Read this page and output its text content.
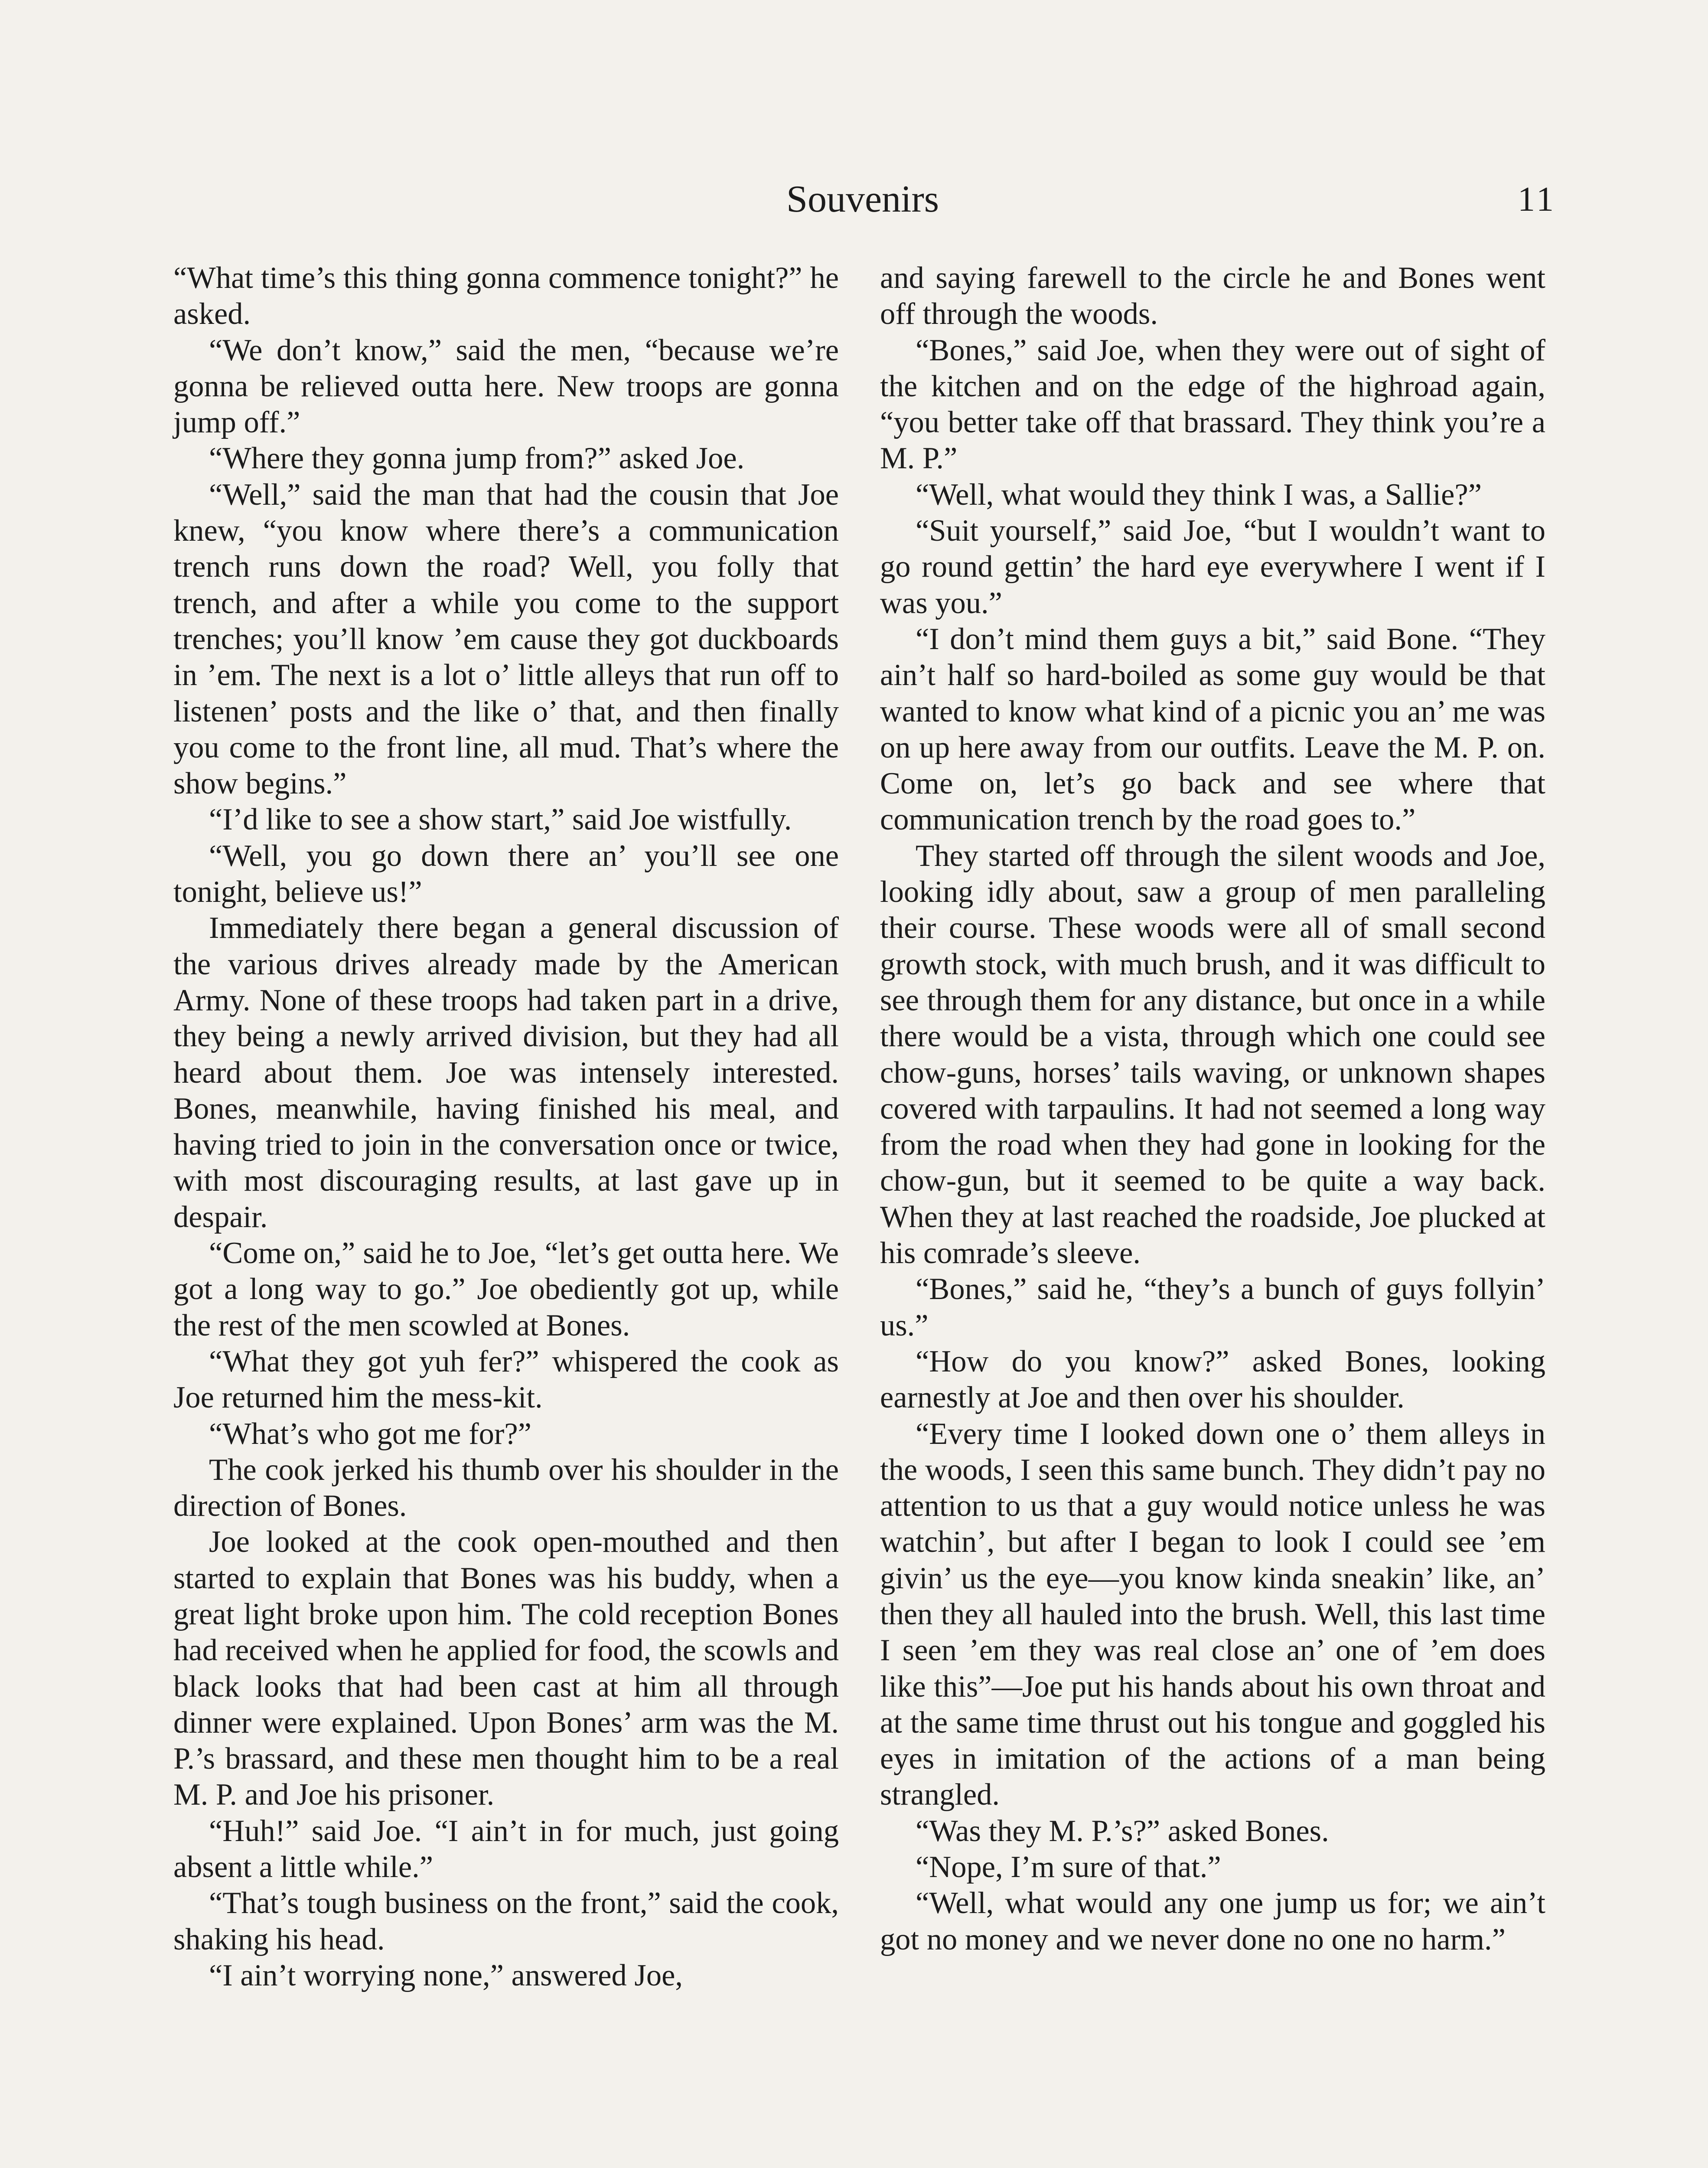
Souvenirs	11

“What time’s this thing gonna commence tonight?” he asked.

“We don’t know,” said the men, “because we’re gonna be relieved outta here. New troops are gonna jump off.”

“Where they gonna jump from?” asked Joe.

“Well,” said the man that had the cousin that Joe knew, “you know where there’s a communication trench runs down the road? Well, you folly that trench, and after a while you come to the support trenches; you’ll know ’em cause they got duckboards in ’em. The next is a lot o’ little alleys that run off to listenen’ posts and the like o’ that, and then finally you come to the front line, all mud. That’s where the show begins.”

“I’d like to see a show start,” said Joe wistfully.

“Well, you go down there an’ you’ll see one tonight, believe us!”

Immediately there began a general discussion of the various drives already made by the American Army. None of these troops had taken part in a drive, they being a newly arrived division, but they had all heard about them. Joe was intensely interested. Bones, meanwhile, having finished his meal, and having tried to join in the conversation once or twice, with most discouraging results, at last gave up in despair.

“Come on,” said he to Joe, “let’s get outta here. We got a long way to go.” Joe obediently got up, while the rest of the men scowled at Bones.

“What they got yuh fer?” whispered the cook as Joe returned him the mess-kit.

“What’s who got me for?”

The cook jerked his thumb over his shoulder in the direction of Bones.

Joe looked at the cook open-mouthed and then started to explain that Bones was his buddy, when a great light broke upon him. The cold reception Bones had received when he applied for food, the scowls and black looks that had been cast at him all through dinner were explained. Upon Bones’ arm was the M. P.’s brassard, and these men thought him to be a real M. P. and Joe his prisoner.

“Huh!” said Joe. “I ain’t in for much, just going absent a little while.”

“That’s tough business on the front,” said the cook, shaking his head.

“I ain’t worrying none,” answered Joe,

and saying farewell to the circle he and Bones went off through the woods.

“Bones,” said Joe, when they were out of sight of the kitchen and on the edge of the highroad again, “you better take off that brassard. They think you’re a M. P.”

“Well, what would they think I was, a Sallie?”

“Suit yourself,” said Joe, “but I wouldn’t want to go round gettin’ the hard eye everywhere I went if I was you.”

“I don’t mind them guys a bit,” said Bone. “They ain’t half so hard-boiled as some guy would be that wanted to know what kind of a picnic you an’ me was on up here away from our outfits. Leave the M. P. on. Come on, let’s go back and see where that communication trench by the road goes to.”

They started off through the silent woods and Joe, looking idly about, saw a group of men paralleling their course. These woods were all of small second growth stock, with much brush, and it was difficult to see through them for any distance, but once in a while there would be a vista, through which one could see chow-guns, horses’ tails waving, or unknown shapes covered with tarpaulins. It had not seemed a long way from the road when they had gone in looking for the chow-gun, but it seemed to be quite a way back. When they at last reached the roadside, Joe plucked at his comrade’s sleeve.

“Bones,” said he, “they’s a bunch of guys follyin’ us.”

“How do you know?” asked Bones, looking earnestly at Joe and then over his shoulder.

“Every time I looked down one o’ them alleys in the woods, I seen this same bunch. They didn’t pay no attention to us that a guy would notice unless he was watchin’, but after I began to look I could see ’em givin’ us the eye—you know kinda sneakin’ like, an’ then they all hauled into the brush. Well, this last time I seen ’em they was real close an’ one of ’em does like this”—Joe put his hands about his own throat and at the same time thrust out his tongue and goggled his eyes in imitation of the actions of a man being strangled.

“Was they M. P.’s?” asked Bones.

“Nope, I’m sure of that.”

“Well, what would any one jump us for; we ain’t got no money and we never done no one no harm.”
